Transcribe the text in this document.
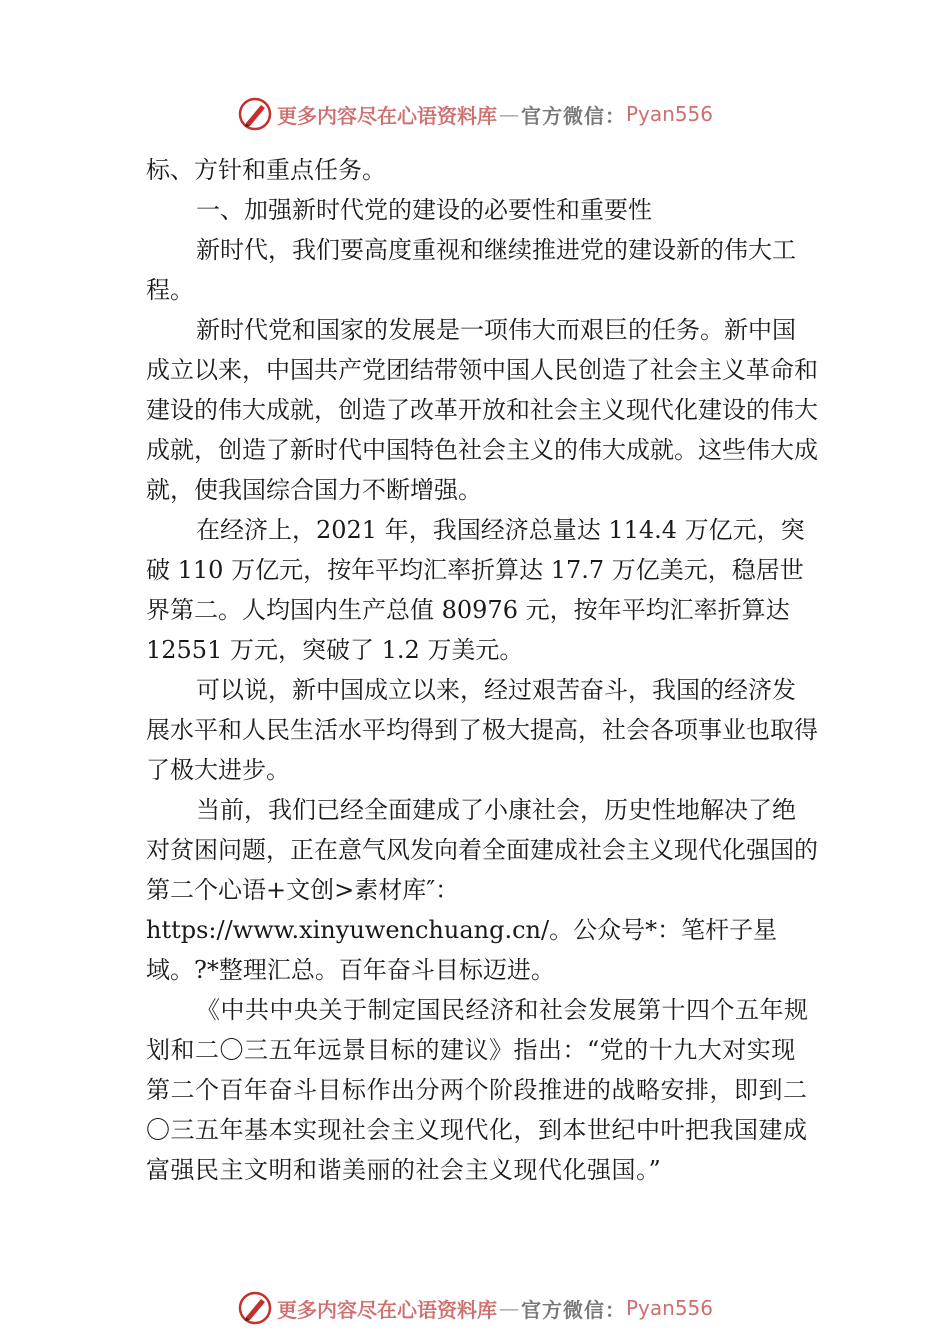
更多内容尽在心语资料库 — 官方微信： Pyan556

标、方针和重点任务。

一、加强新时代党的建设的必要性和重要性

新时代，我们要高度重视和继续推进党的建设新的伟大工程。

新时代党和国家的发展是一项伟大而艰巨的任务。新中国成立以来，中国共产党团结带领中国人民创造了社会主义革命和建设的伟大成就，创造了改革开放和社会主义现代化建设的伟大成就，创造了新时代中国特色社会主义的伟大成就。这些伟大成就，使我国综合国力不断增强。

在经济上，2021 年，我国经济总量达 114.4 万亿元，突破 110 万亿元，按年平均汇率折算达 17.7 万亿美元，稳居世

界第二。人均国内生产总值 80976 元，按年平均汇率折算达 12551 万元，突破了 1.2 万美元。

可以说，新中国成立以来，经过艰苦奋斗，我国的经济发展水平和人民生活水平均得到了极大提高，社会各项事业也取得了极大进步。

当前，我们已经全面建成了小康社会，历史性地解决了绝对贫困问题，正在意气风发向着全面建成社会主义现代化强国的第二个心语+文创>素材库″：https://www.xinyuwenchuang.cn/。公众号*：笔杆子星域。?*整理汇总。百年奋斗目标迈进。

《中共中央关于制定国民经济和社会发展第十四个五年规划和二〇三五年远景目标的建议》指出：“党的十九大对实现第二个百年奋斗目标作出分两个阶段推进的战略安排，即到二〇三五年基本实现社会主义现代化，到本世纪中叶把我国建成富强民主文明和谐美丽的社会主义现代化强国。”

更多内容尽在心语资料库 — 官方微信： Pyan556
